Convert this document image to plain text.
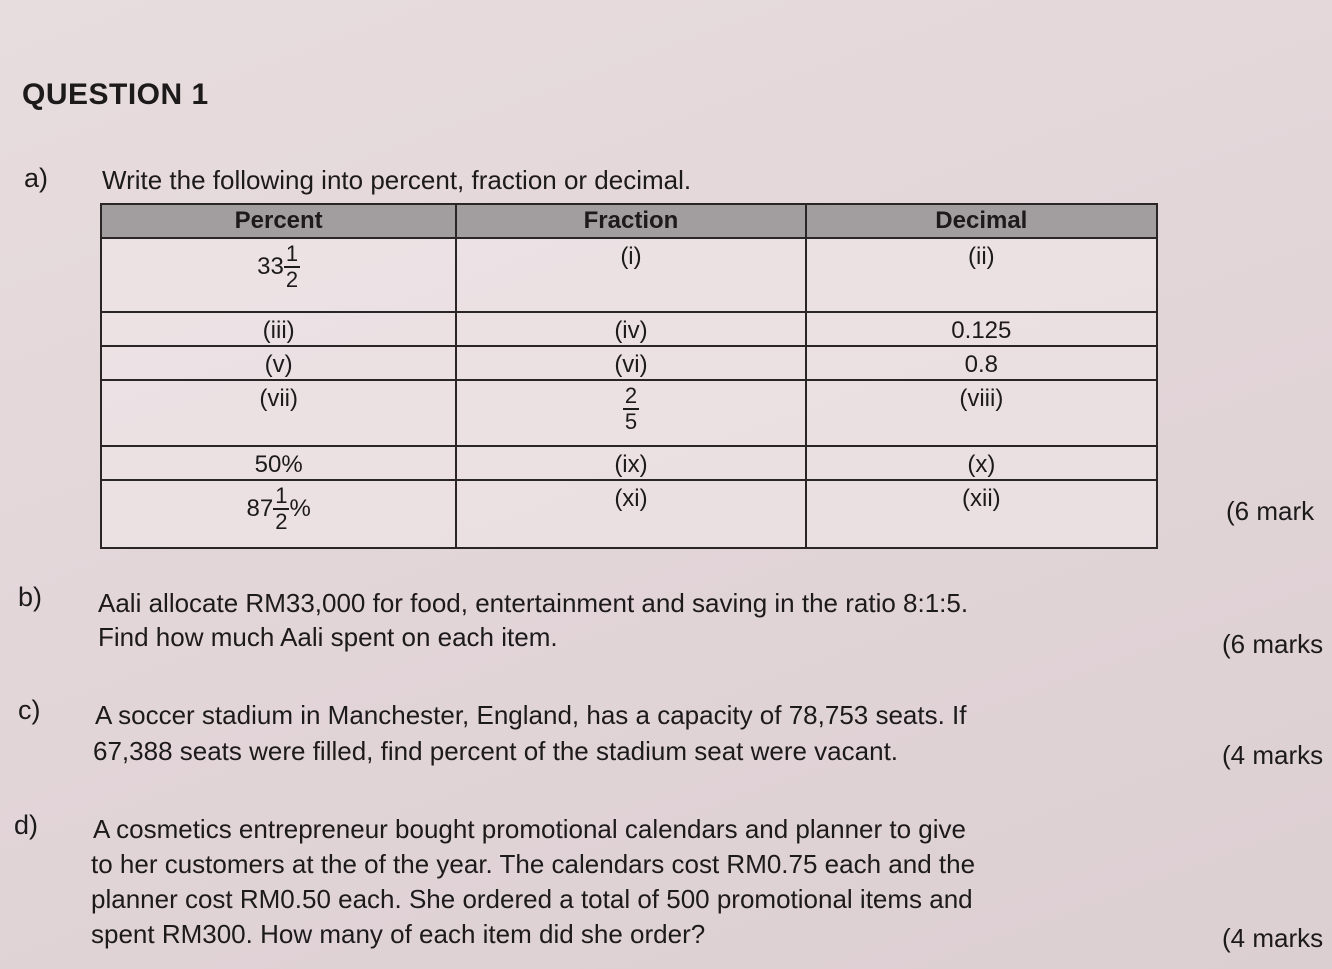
QUESTION 1
a) Write the following into percent, fraction or decimal.
Percent	Fraction	Decimal
$33 \frac{1}{2}$	(i)	(ii)
(iii)	(iv)	0.125
(v)	(vi)	0.8
(vii)	$\frac{2}{5}$	(viii)
50%	(ix)	(x)
$87 \frac{1}{2}$ %	(xi)	(xii)	(6 mark
b) Aali allocate RM33,000 for food, entertainment and saving in the ratio 8:1:5.
Find how much Aali spent on each item.	(6 marks
c) A soccer stadium in Manchester, England, has a capacity of 78,753 seats. If
67,388 seats were filled, find percent of the stadium seat were vacant.	(4 marks
d) A cosmetics entrepreneur bought promotional calendars and planner to give
to her customers at the of the year. The calendars cost RM0.75 each and the
planner cost RM0.50 each. She ordered a total of 500 promotional items and
spent RM300. How many of each item did she order?	(4 marks
